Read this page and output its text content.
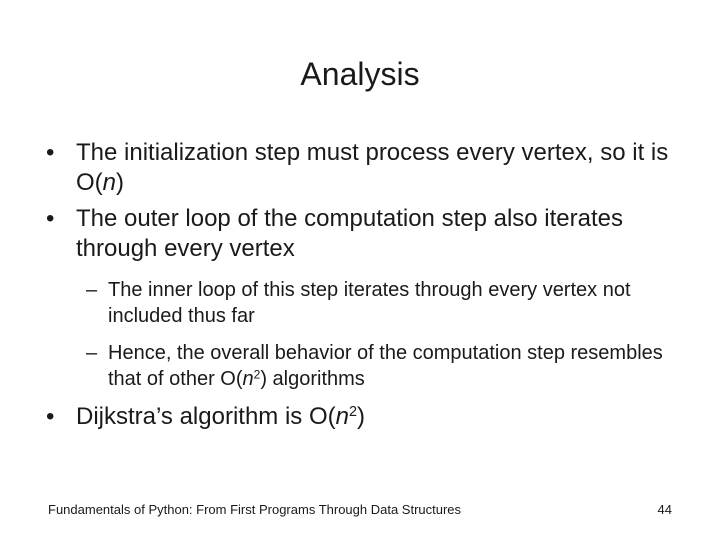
Analysis
• The initialization step must process every vertex, so it is O(n)
• The outer loop of the computation step also iterates through every vertex
– The inner loop of this step iterates through every vertex not included thus far
– Hence, the overall behavior of the computation step resembles that of other $O(n^2)$ algorithms
• Dijkstra’s algorithm is $O(n^2)$
Fundamentals of Python: From First Programs Through Data Structures	44
